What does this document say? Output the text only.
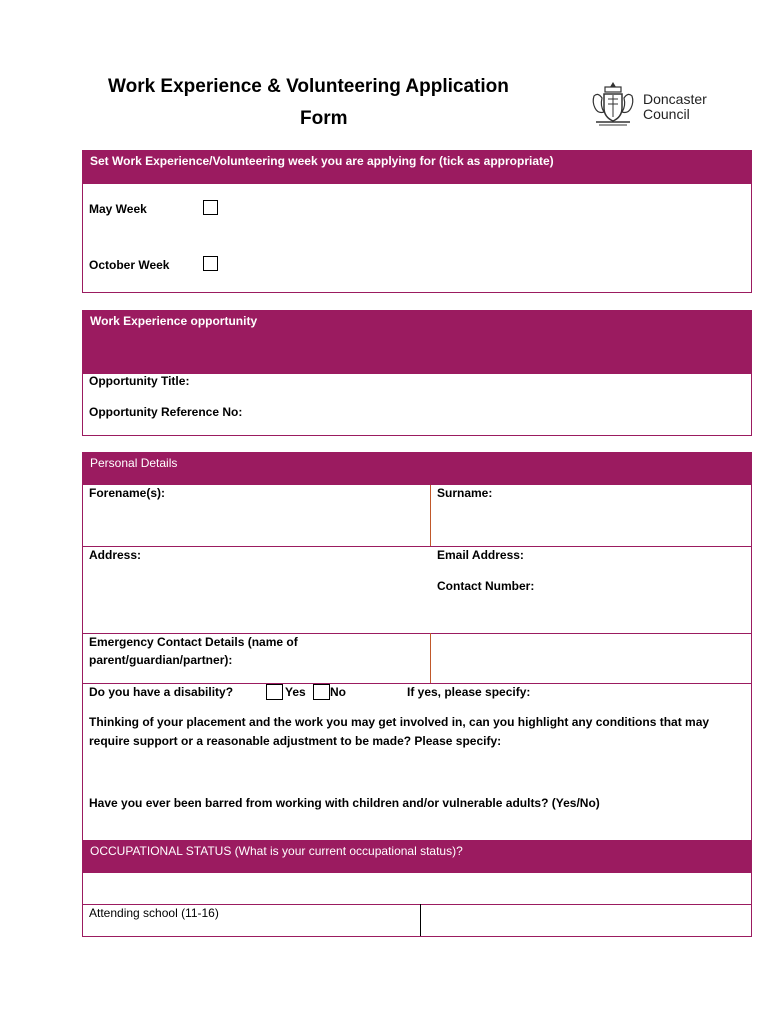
Work Experience & Volunteering Application
Form
Doncaster
Council
Set Work Experience/Volunteering week you are applying for (tick as appropriate)
May Week
October Week
Work Experience opportunity
Opportunity Title:
Opportunity Reference No:
Personal Details
Forename(s):	Surname:
Address:	Email Address:
Contact Number:
Emergency Contact Details (name of
parent/guardian/partner):
Do you have a disability?	Yes No	If yes, please specify:
Thinking of your placement and the work you may get involved in, can you highlight any conditions that may
require support or a reasonable adjustment to be made? Please specify:
Have you ever been barred from working with children and/or vulnerable adults? (Yes/No)
OCCUPATIONAL STATUS (What is your current occupational status)?
Attending school (11-16)
